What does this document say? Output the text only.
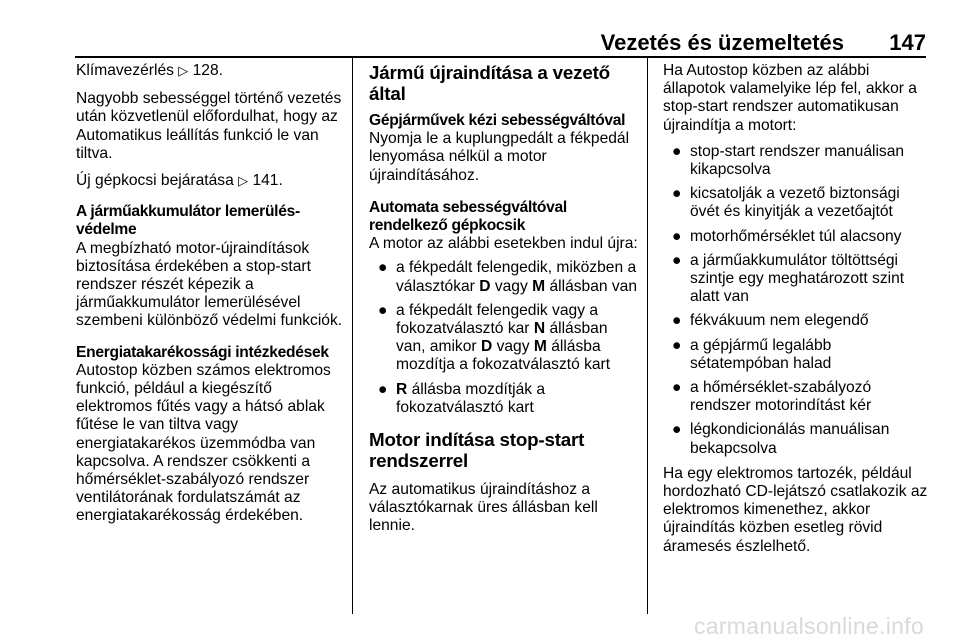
Vezetés és üzemeltetés 147

Klímavezérlés ▷ 128.

Nagyobb sebességgel történő vezetés után közvetlenül előfordulhat, hogy az Automatikus leállítás funkció le van tiltva.

Új gépkocsi bejáratása ▷ 141.

A járműakkumulátor lemerülés-védelme

A megbízható motor-újraindítások biztosítása érdekében a stop-start rendszer részét képezik a járműakkumulátor lemerülésével szembeni különböző védelmi funkciók.

Energiatakarékossági intézkedések

Autostop közben számos elektromos funkció, például a kiegészítő elektromos fűtés vagy a hátsó ablak fűtése le van tiltva vagy energiatakarékos üzemmódba van kapcsolva. A rendszer csökkenti a hőmérséklet-szabályozó rendszer ventilátorának fordulatszámát az energiatakarékosság érdekében.

Jármű újraindítása a vezető által
Gépjárművek kézi sebességváltóval

Nyomja le a kuplungpedált a fékpedál lenyomása nélkül a motor újraindításához.

Automata sebességváltóval rendelkező gépkocsik

A motor az alábbi esetekben indul újra:

● a fékpedált felengedik, miközben a választókar D vagy M állásban van
● a fékpedált felengedik vagy a fokozatválasztó kar N állásban van, amikor D vagy M állásba mozdítja a fokozatválasztó kart
● R állásba mozdítják a fokozatválasztó kart
Motor indítása stop-start rendszerrel

Az automatikus újraindításhoz a választókarnak üres állásban kell lennie.

Ha Autostop közben az alábbi állapotok valamelyike lép fel, akkor a stop-start rendszer automatikusan újraindítja a motort:

● stop-start rendszer manuálisan kikapcsolva
● kicsatolják a vezető biztonsági övét és kinyitják a vezetőajtót
● motorhőmérséklet túl alacsony
● a járműakkumulátor töltöttségi szintje egy meghatározott szint alatt van
● fékvákuum nem elegendő
● a gépjármű legalább sétatempóban halad
● a hőmérséklet-szabályozó rendszer motorindítást kér
● légkondicionálás manuálisan bekapcsolva

Ha egy elektromos tartozék, például hordozható CD-lejátszó csatlakozik az elektromos kimenethez, akkor újraindítás közben esetleg rövid áramesés észlelhető.

carmanualsonline.info
